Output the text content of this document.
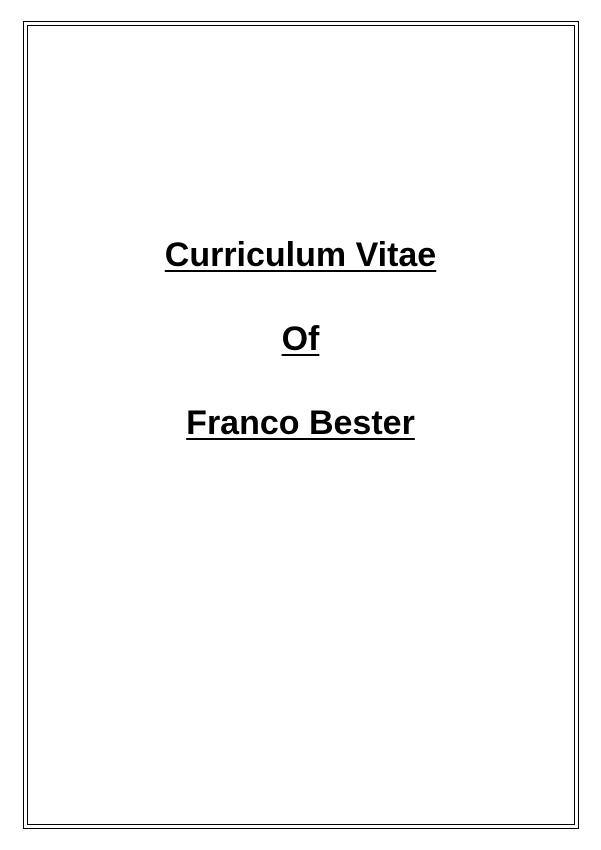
Curriculum Vitae
Of
Franco Bester
